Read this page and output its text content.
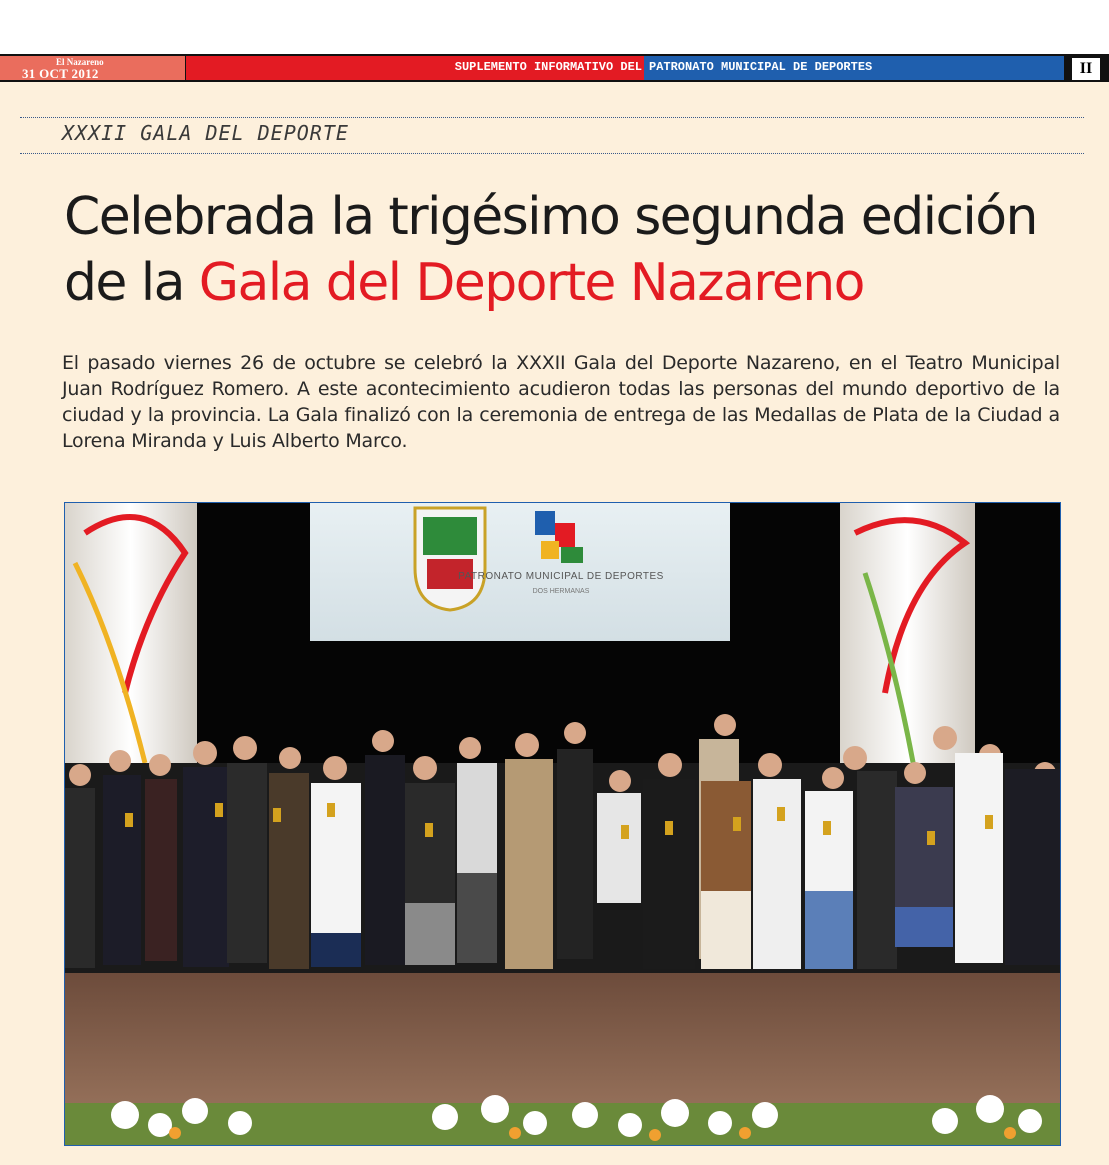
El Nazareno
31 OCT 2012	SUPLEMENTO INFORMATIVO DEL PATRONATO MUNICIPAL DE DEPORTES	II
XXXII GALA DEL DEPORTE
Celebrada la trigésimo segunda edición de la Gala del Deporte Nazareno

El pasado viernes 26 de octubre se celebró la XXXII Gala del Deporte Nazareno, en el Teatro Municipal Juan Rodríguez Romero. A este acontecimiento acudieron todas las personas del mundo deportivo de la ciudad y la provincia. La Gala finalizó con la ceremonia de entrega de las Medallas de Plata de la Ciudad a Lorena Miranda y Luis Alberto Marco.

PATRONATO MUNICIPAL DE DEPORTES
DOS HERMANAS
